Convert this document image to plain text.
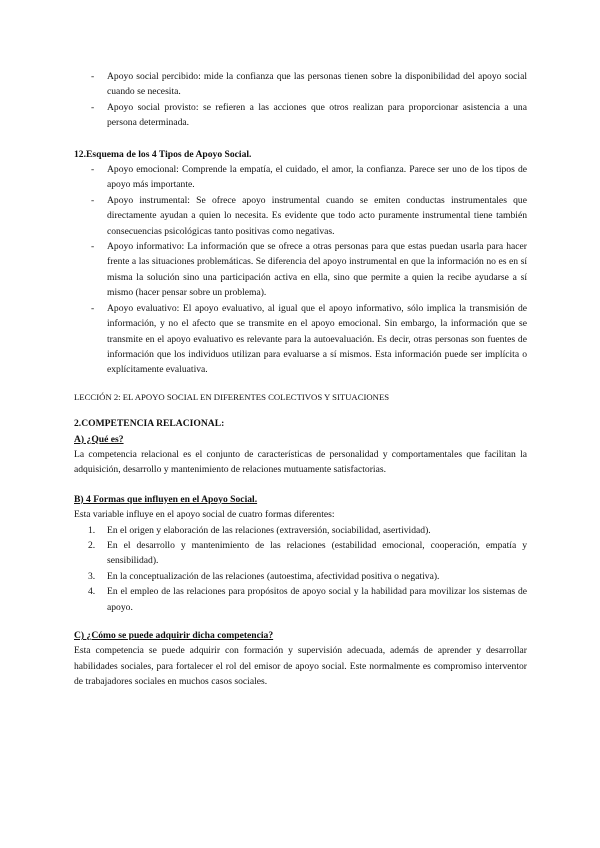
- Apoyo social percibido: mide la confianza que las personas tienen sobre la disponibilidad del apoyo social cuando se necesita.
- Apoyo social provisto: se refieren a las acciones que otros realizan para proporcionar asistencia a una persona determinada.
12.Esquema de los 4 Tipos de Apoyo Social.
- Apoyo emocional: Comprende la empatía, el cuidado, el amor, la confianza. Parece ser uno de los tipos de apoyo más importante.
- Apoyo instrumental: Se ofrece apoyo instrumental cuando se emiten conductas instrumentales que directamente ayudan a quien lo necesita. Es evidente que todo acto puramente instrumental tiene también consecuencias psicológicas tanto positivas como negativas.
- Apoyo informativo: La información que se ofrece a otras personas para que estas puedan usarla para hacer frente a las situaciones problemáticas. Se diferencia del apoyo instrumental en que la información no es en sí misma la solución sino una participación activa en ella, sino que permite a quien la recibe ayudarse a sí mismo (hacer pensar sobre un problema).
- Apoyo evaluativo: El apoyo evaluativo, al igual que el apoyo informativo, sólo implica la transmisión de información, y no el afecto que se transmite en el apoyo emocional. Sin embargo, la información que se transmite en el apoyo evaluativo es relevante para la autoevaluación. Es decir, otras personas son fuentes de información que los individuos utilizan para evaluarse a sí mismos. Esta información puede ser implícita o explícitamente evaluativa.
LECCIÓN 2: EL APOYO SOCIAL EN DIFERENTES COLECTIVOS Y SITUACIONES
2.COMPETENCIA RELACIONAL:
A) ¿Qué es?
La competencia relacional es el conjunto de características de personalidad y comportamentales que facilitan la adquisición, desarrollo y mantenimiento de relaciones mutuamente satisfactorias.
B) 4 Formas que influyen en el Apoyo Social.
Esta variable influye en el apoyo social de cuatro formas diferentes:
1. En el origen y elaboración de las relaciones (extraversión, sociabilidad, asertividad).
2. En el desarrollo y mantenimiento de las relaciones (estabilidad emocional, cooperación, empatía y sensibilidad).
3. En la conceptualización de las relaciones (autoestima, afectividad positiva o negativa).
4. En el empleo de las relaciones para propósitos de apoyo social y la habilidad para movilizar los sistemas de apoyo.
C) ¿Cómo se puede adquirir dicha competencia?
Esta competencia se puede adquirir con formación y supervisión adecuada, además de aprender y desarrollar habilidades sociales, para fortalecer el rol del emisor de apoyo social. Este normalmente es compromiso interventor de trabajadores sociales en muchos casos sociales.
